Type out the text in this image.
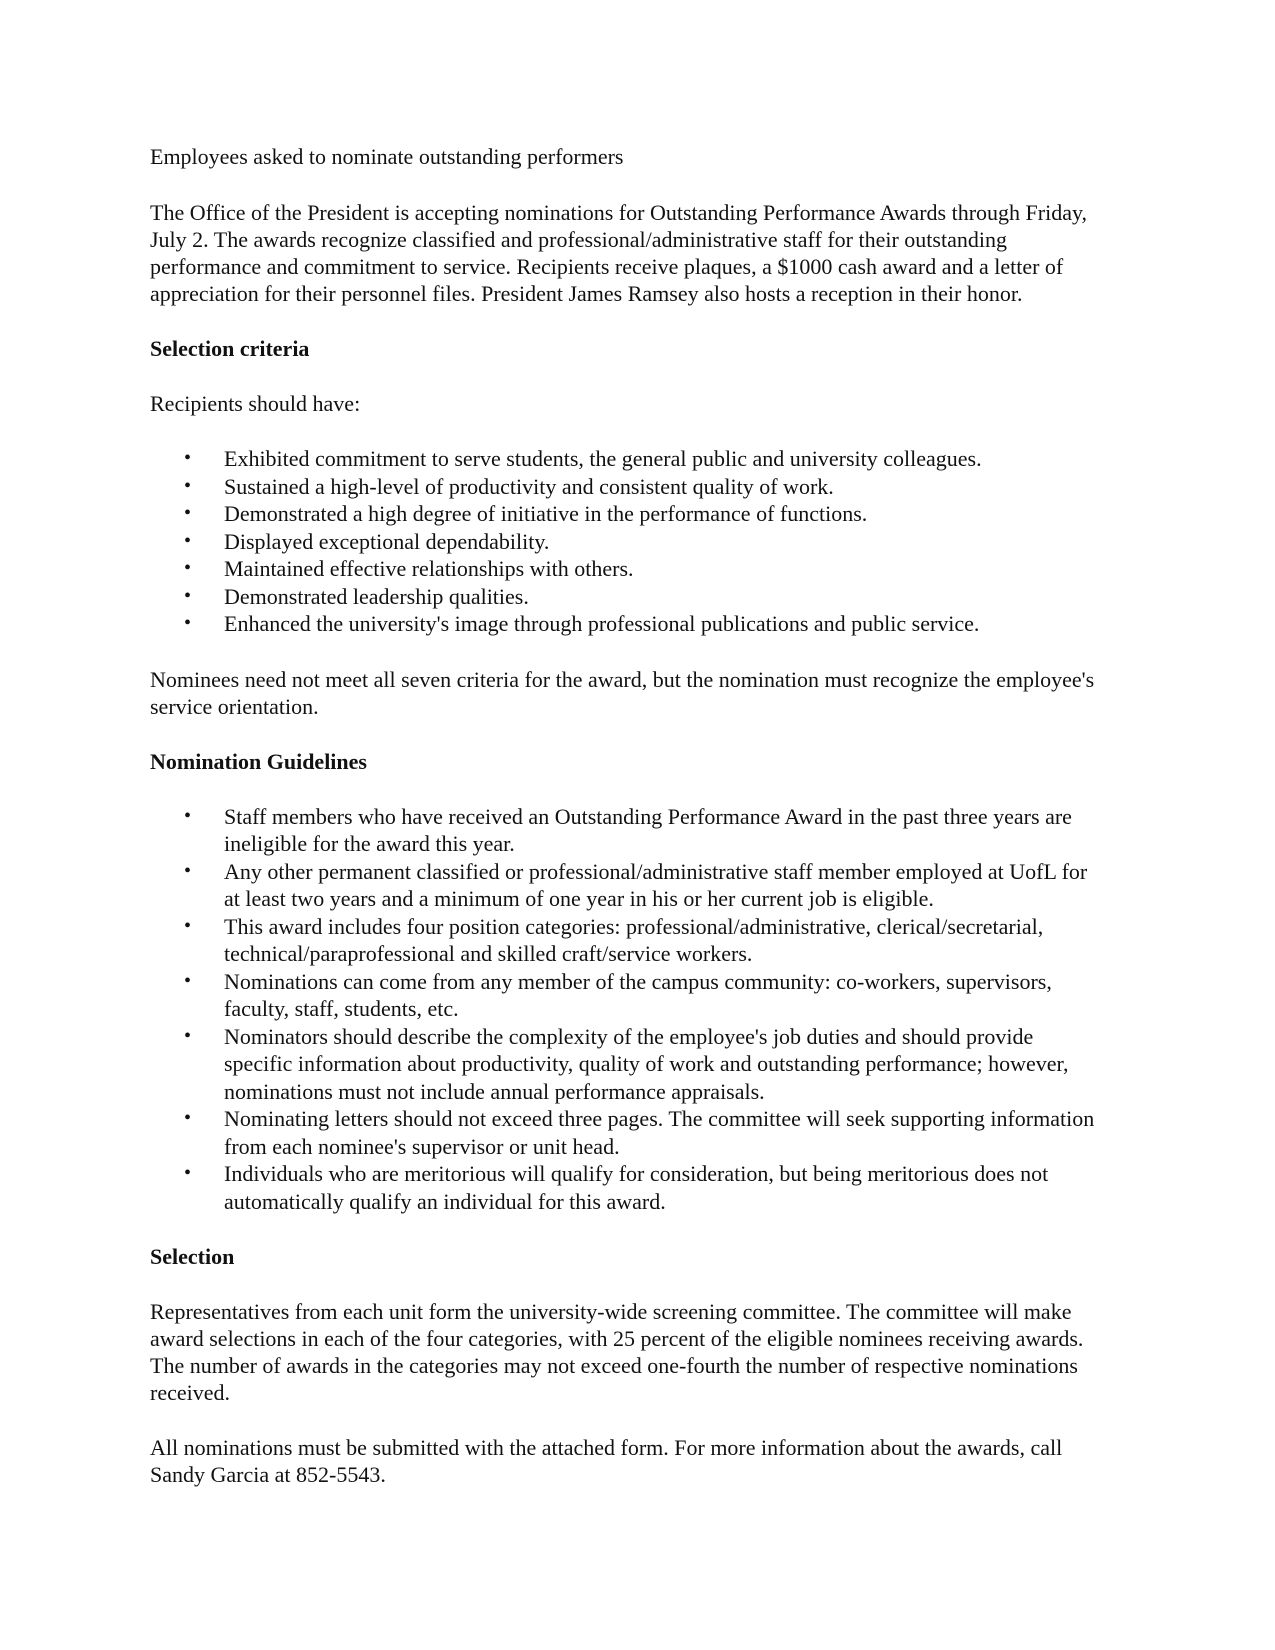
Employees asked to nominate outstanding performers

The Office of the President is accepting nominations for Outstanding Performance Awards through Friday, July 2. The awards recognize classified and professional/administrative staff for their outstanding performance and commitment to service. Recipients receive plaques, a $1000 cash award and a letter of appreciation for their personnel files. President James Ramsey also hosts a reception in their honor.

Selection criteria

Recipients should have:

• Exhibited commitment to serve students, the general public and university colleagues.
• Sustained a high-level of productivity and consistent quality of work.
• Demonstrated a high degree of initiative in the performance of functions.
• Displayed exceptional dependability.
• Maintained effective relationships with others.
• Demonstrated leadership qualities.
• Enhanced the university's image through professional publications and public service.

Nominees need not meet all seven criteria for the award, but the nomination must recognize the employee's service orientation.

Nomination Guidelines
• Staff members who have received an Outstanding Performance Award in the past three years are ineligible for the award this year.
• Any other permanent classified or professional/administrative staff member employed at UofL for at least two years and a minimum of one year in his or her current job is eligible.
• This award includes four position categories: professional/administrative, clerical/secretarial, technical/paraprofessional and skilled craft/service workers.
• Nominations can come from any member of the campus community: co-workers, supervisors, faculty, staff, students, etc.
• Nominators should describe the complexity of the employee's job duties and should provide specific information about productivity, quality of work and outstanding performance; however, nominations must not include annual performance appraisals.
• Nominating letters should not exceed three pages. The committee will seek supporting information from each nominee's supervisor or unit head.
• Individuals who are meritorious will qualify for consideration, but being meritorious does not automatically qualify an individual for this award.
Selection

Representatives from each unit form the university-wide screening committee. The committee will make award selections in each of the four categories, with 25 percent of the eligible nominees receiving awards. The number of awards in the categories may not exceed one-fourth the number of respective nominations received.

All nominations must be submitted with the attached form. For more information about the awards, call Sandy Garcia at 852-5543.
